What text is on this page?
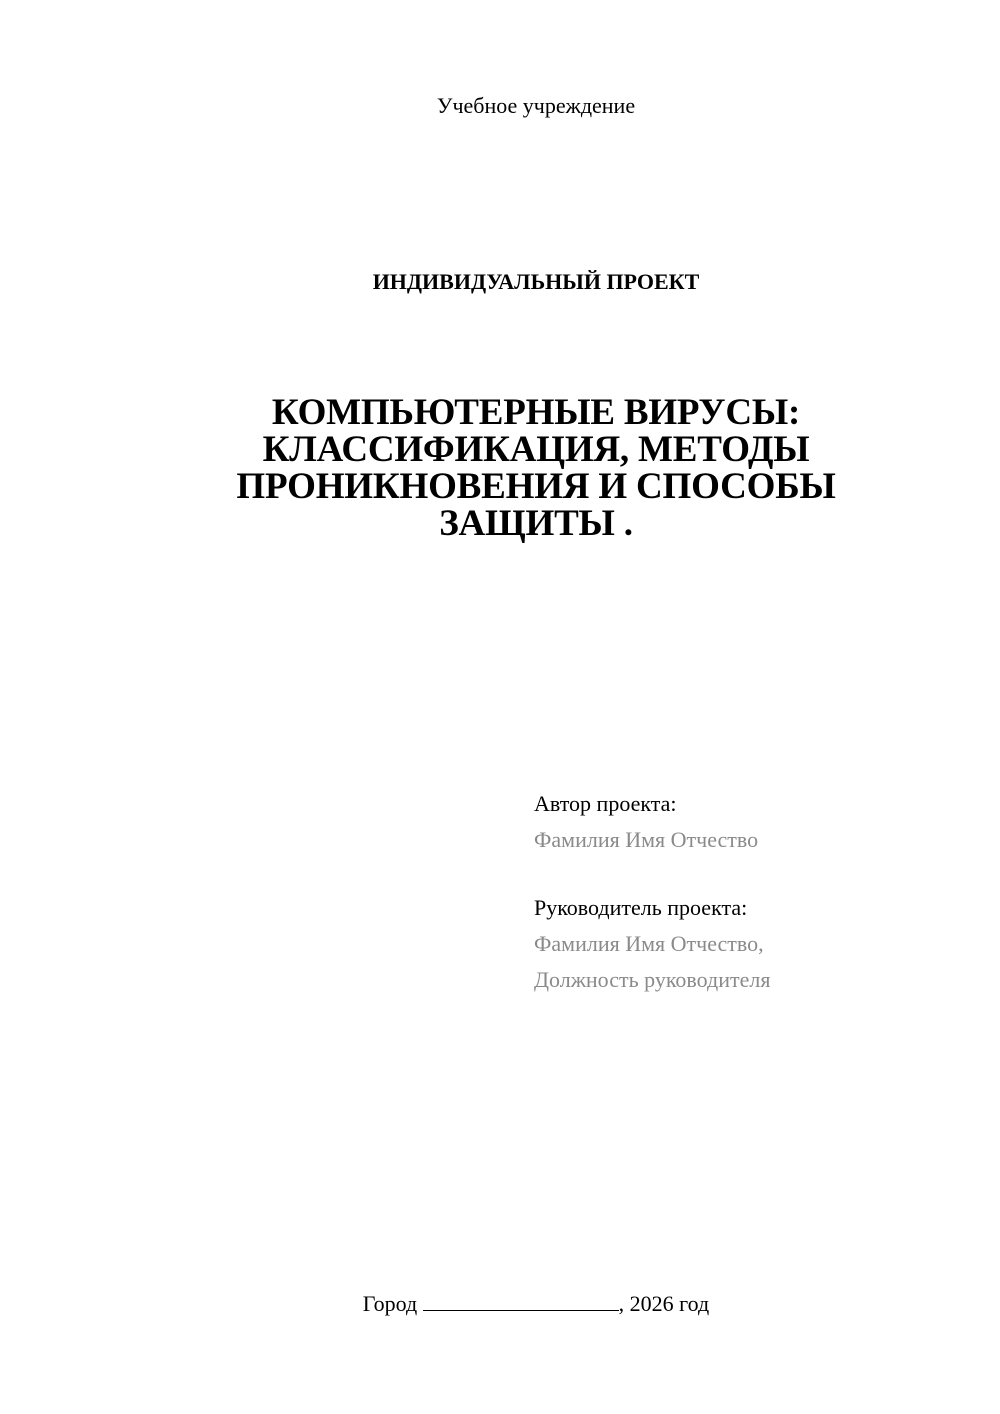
Учебное учреждение
ИНДИВИДУАЛЬНЫЙ ПРОЕКТ
КОМПЬЮТЕРНЫЕ ВИРУСЫ:
КЛАССИФИКАЦИЯ, МЕТОДЫ
ПРОНИКНОВЕНИЯ И СПОСОБЫ
ЗАЩИТЫ .
Автор проекта:
Фамилия Имя Отчество
Руководитель проекта:
Фамилия Имя Отчество,
Должность руководителя
Город	, 2026 год
